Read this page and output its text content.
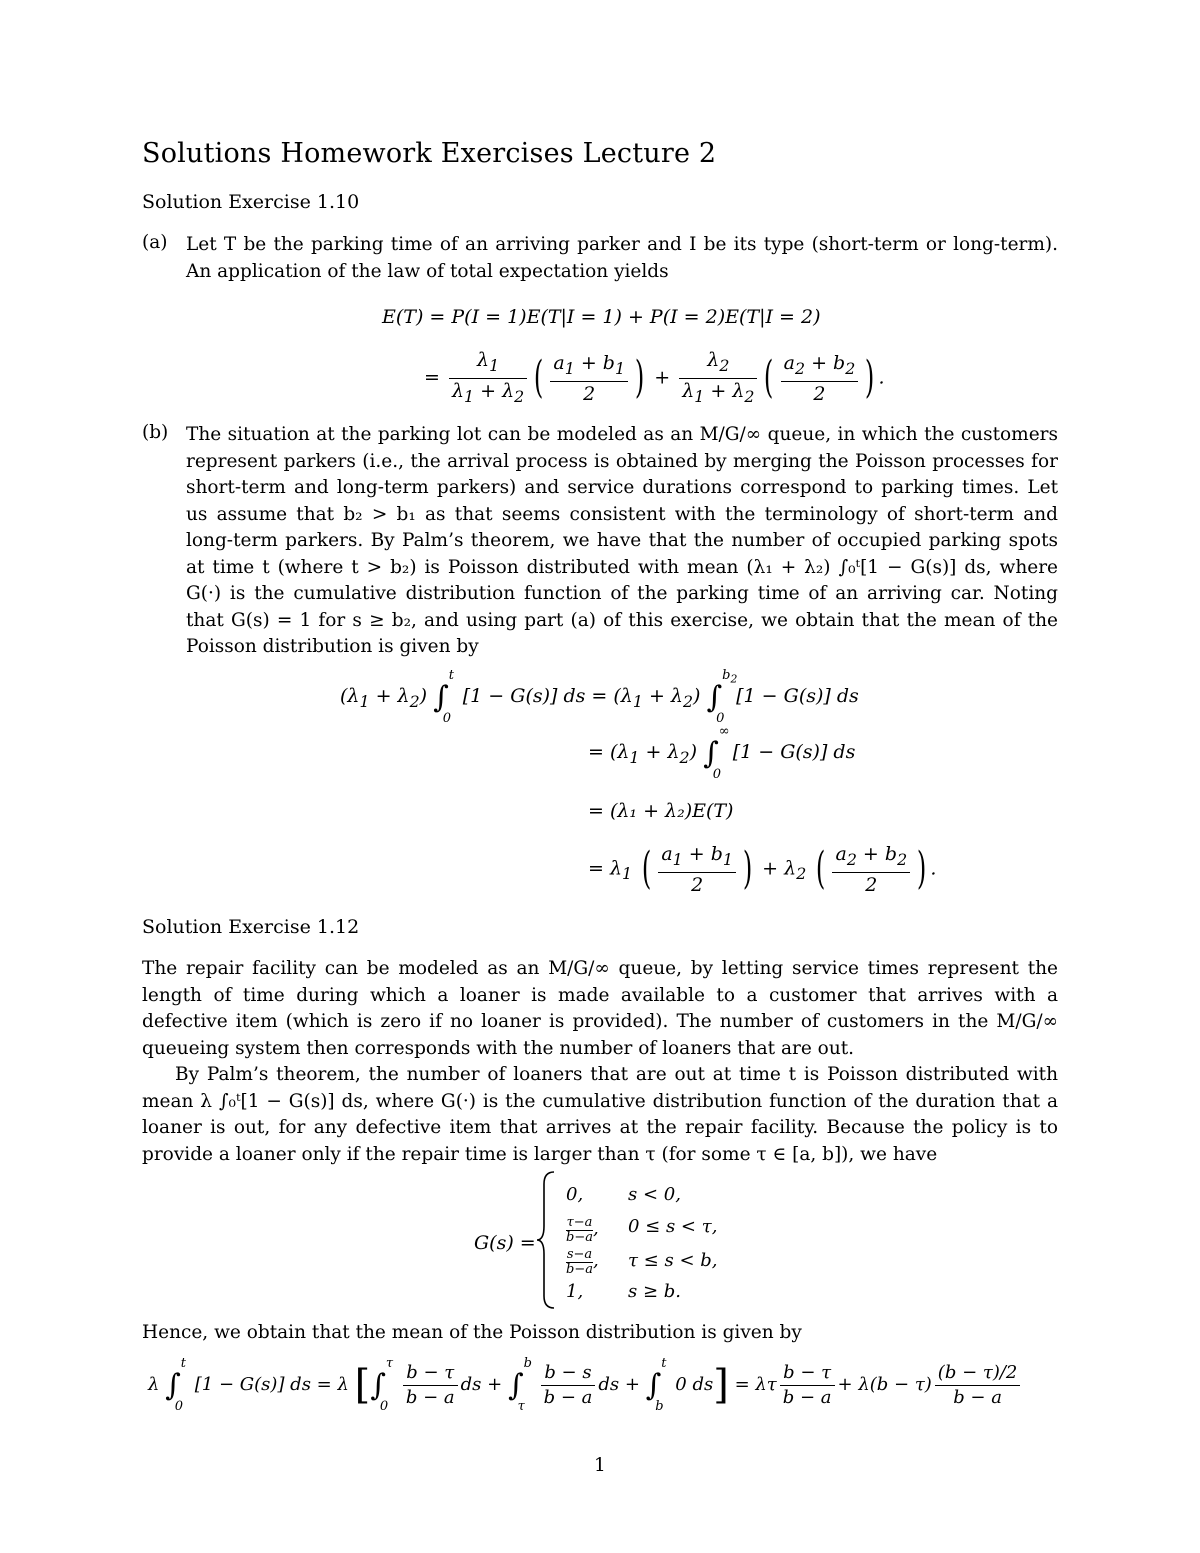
Solutions Homework Exercises Lecture 2
Solution Exercise 1.10
(a) Let T be the parking time of an arriving parker and I be its type (short-term or long-term). An application of the law of total expectation yields
E(T) = P(I = 1)E(T|I = 1) + P(I = 2)E(T|I = 2)
= $\frac{\lambda_1}{\lambda_1 + \lambda_2}$ ( $\frac{a_1 + b_1}{2}$ ) + $\frac{\lambda_2}{\lambda_1 + \lambda_2}$ ( $\frac{a_2 + b_2}{2}$ ) .
(b) The situation at the parking lot can be modeled as an M/G/∞ queue, in which the customers represent parkers (i.e., the arrival process is obtained by merging the Poisson processes for short-term and long-term parkers) and service durations correspond to parking times. Let us assume that b₂ > b₁ as that seems consistent with the terminology of short-term and long-term parkers. By Palm’s theorem, we have that the number of occupied parking spots at time t (where t > b₂) is Poisson distributed with mean (λ₁ + λ₂) ∫₀ᵗ[1 − G(s)] ds, where G(·) is the cumulative distribution function of the parking time of an arriving car. Noting that G(s) = 1 for s ≥ b₂, and using part (a) of this exercise, we obtain that the mean of the Poisson distribution is given by
$(\lambda_1 + \lambda_2)$ ∫
t
0
[1 − G(s)] ds = $(\lambda_1 + \lambda_2)$ ∫
$b_2$
0
[1 − G(s)] ds
= $(\lambda_1 + \lambda_2)$ ∫
∞
0
[1 − G(s)] ds
= (λ₁ + λ₂)E(T)
= $\lambda_1$ ( $\frac{a_1 + b_1}{2}$ ) + $\lambda_2$ ( $\frac{a_2 + b_2}{2}$ ) .
Solution Exercise 1.12
The repair facility can be modeled as an M/G/∞ queue, by letting service times represent the length of time during which a loaner is made available to a customer that arrives with a defective item (which is zero if no loaner is provided). The number of customers in the M/G/∞ queueing system then corresponds with the number of loaners that are out.
By Palm’s theorem, the number of loaners that are out at time t is Poisson distributed with mean λ ∫₀ᵗ[1 − G(s)] ds, where G(·) is the cumulative distribution function of the duration that a loaner is out, for any defective item that arrives at the repair facility. Because the policy is to provide a loaner only if the repair time is larger than τ (for some τ ∈ [a, b]), we have
G(s) =
0, s < 0,
$\frac{\tau-a}{b-a}$ , 0 ≤ s < τ,
$\frac{s-a}{b-a}$ , τ ≤ s < b,
1, s ≥ b.
Hence, we obtain that the mean of the Poisson distribution is given by
λ ∫
t
0
[1 − G(s)] ds = λ [∫
τ
$0 \frac{b - \tau}{b - a}$ ds + ∫
b
τ $\frac{b - s}{b - a}$ ds + ∫
t
b
0 ds] = λτ $\frac{b - \tau}{b - a} + \lambda(b - \tau) \frac{(b - \tau)/2}{b - a}$
1
